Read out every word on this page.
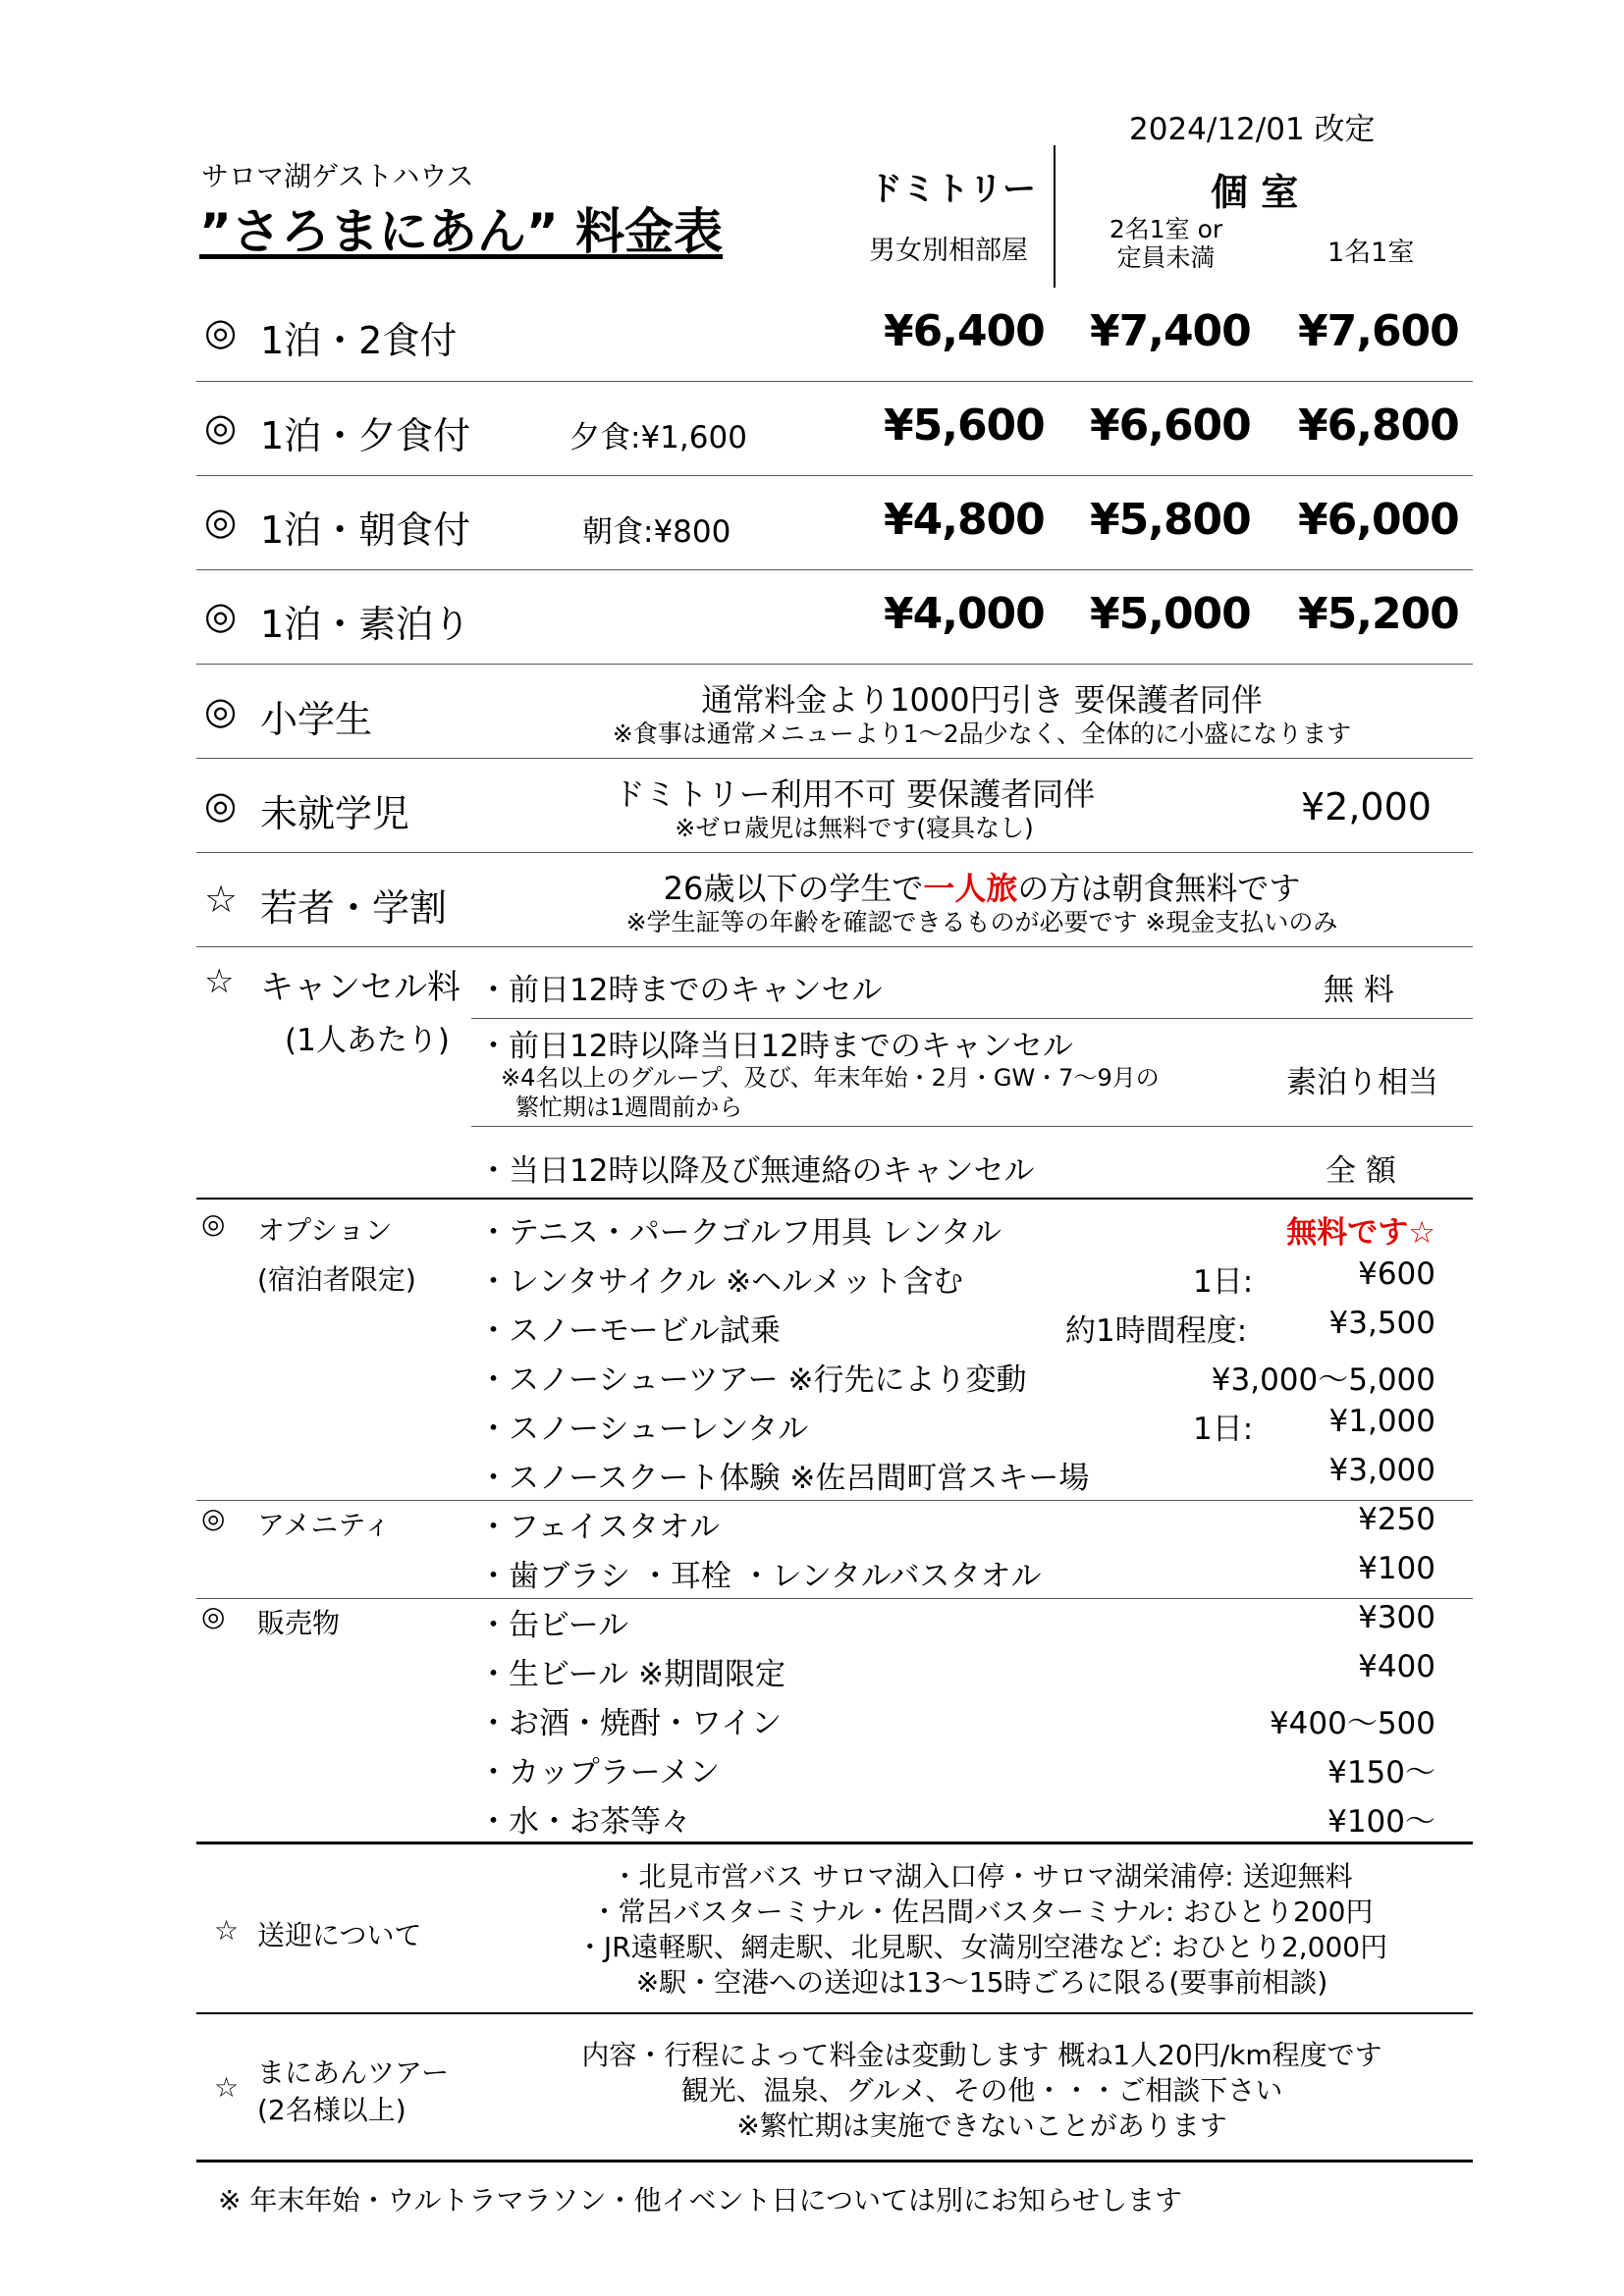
2024/12/01 改定
サロマ湖ゲストハウス
”さろまにあん” 料金表
ドミトリー
男女別相部屋
個 室
2名1室 or
定員未満	1名1室
◎ 1泊・2食付	¥6,400 ¥7,400 ¥7,600
◎ 1泊・夕食付	夕食:¥1,600	¥5,600 ¥6,600 ¥6,800
◎ 1泊・朝食付	朝食:¥800	¥4,800 ¥5,800 ¥6,000
◎ 1泊・素泊り	¥4,000 ¥5,000 ¥5,200
◎ 小学生	通常料金より1000円引き 要保護者同伴
※食事は通常メニューより1～2品少なく、全体的に小盛になります
◎ 未就学児	ドミトリー利用不可 要保護者同伴
※ゼロ歳児は無料です(寝具なし)	¥2,000
☆ 若者・学割	26歳以下の学生で一人旅の方は朝食無料です
※学生証等の年齢を確認できるものが必要です ※現金支払いのみ
☆ キャンセル料
(1人あたり)
・前日12時までのキャンセル	無 料
・前日12時以降当日12時までのキャンセル
※4名以上のグループ、及び、年末年始・2月・GW・7～9月の
繁忙期は1週間前から
素泊り相当
・当日12時以降及び無連絡のキャンセル	全 額
◎ オプション
(宿泊者限定)
・テニス・パークゴルフ用具 レンタル	無料です☆
・レンタサイクル ※ヘルメット含む	1日:	¥600
・スノーモービル試乗	約1時間程度:	¥3,500
・スノーシューツアー ※行先により変動	¥3,000～5,000
・スノーシューレンタル	1日:	¥1,000
・スノースクート体験 ※佐呂間町営スキー場	¥3,000
◎ アメニティ	・フェイスタオル	¥250
・歯ブラシ ・耳栓 ・レンタルバスタオル	¥100
◎ 販売物	・缶ビール	¥300
・生ビール ※期間限定	¥400
・お酒・焼酎・ワイン	¥400～500
・カップラーメン	¥150～
・水・お茶等々	¥100～
☆ 送迎について
・北見市営バス サロマ湖入口停・サロマ湖栄浦停: 送迎無料
・常呂バスターミナル・佐呂間バスターミナル: おひとり200円
・JR遠軽駅、網走駅、北見駅、女満別空港など: おひとり2,000円
※駅・空港への送迎は13～15時ごろに限る(要事前相談)
☆ まにあんツアー
(2名様以上)
内容・行程によって料金は変動します 概ね1人20円/km程度です
観光、温泉、グルメ、その他・・・ご相談下さい
※繁忙期は実施できないことがあります
※ 年末年始・ウルトラマラソン・他イベント日については別にお知らせします
